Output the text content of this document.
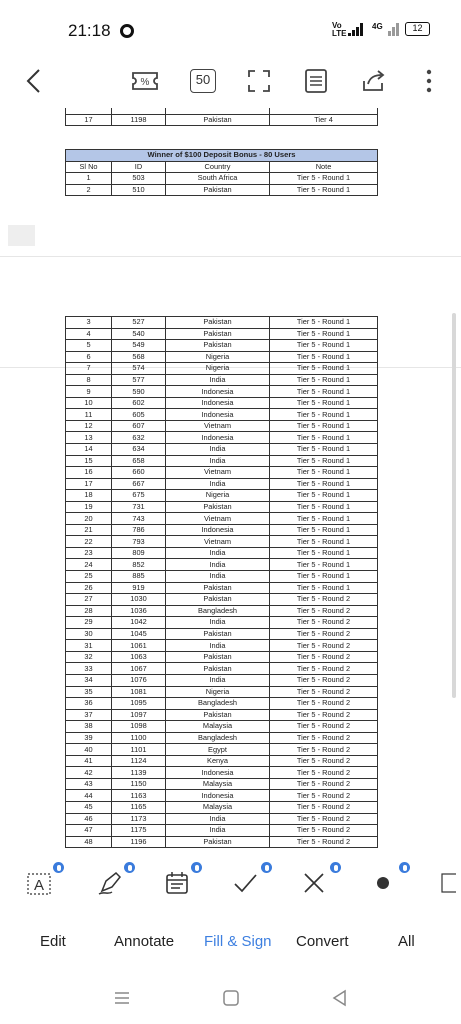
21:18	Vo
LTE
4G	12
%	50

17	1198	Pakistan	Tier 4
Winner of $100 Deposit Bonus - 80 Users			
Sl No	ID	Country	Note
1	503	South Africa	Tier 5 - Round 1
2	510	Pakistan	Tier 5 - Round 1
3	527	Pakistan	Tier 5 - Round 1
4	540	Pakistan	Tier 5 - Round 1
5	549	Pakistan	Tier 5 - Round 1
6	568	Nigeria	Tier 5 - Round 1
7	574	Nigeria	Tier 5 - Round 1
8	577	India	Tier 5 - Round 1
9	590	Indonesia	Tier 5 - Round 1
10	602	Indonesia	Tier 5 - Round 1
11	605	Indonesia	Tier 5 - Round 1
12	607	Vietnam	Tier 5 - Round 1
13	632	Indonesia	Tier 5 - Round 1
14	634	India	Tier 5 - Round 1
15	658	India	Tier 5 - Round 1
16	660	Vietnam	Tier 5 - Round 1
17	667	India	Tier 5 - Round 1
18	675	Nigeria	Tier 5 - Round 1
19	731	Pakistan	Tier 5 - Round 1
20	743	Vietnam	Tier 5 - Round 1
21	786	Indonesia	Tier 5 - Round 1
22	793	Vietnam	Tier 5 - Round 1
23	809	India	Tier 5 - Round 1
24	852	India	Tier 5 - Round 1
25	885	India	Tier 5 - Round 1
26	919	Pakistan	Tier 5 - Round 1
27	1030	Pakistan	Tier 5 - Round 2
28	1036	Bangladesh	Tier 5 - Round 2
29	1042	India	Tier 5 - Round 2
30	1045	Pakistan	Tier 5 - Round 2
31	1061	India	Tier 5 - Round 2
32	1063	Pakistan	Tier 5 - Round 2
33	1067	Pakistan	Tier 5 - Round 2
34	1076	India	Tier 5 - Round 2
35	1081	Nigeria	Tier 5 - Round 2
36	1095	Bangladesh	Tier 5 - Round 2
37	1097	Pakistan	Tier 5 - Round 2
38	1098	Malaysia	Tier 5 - Round 2
39	1100	Bangladesh	Tier 5 - Round 2
40	1101	Egypt	Tier 5 - Round 2
41	1124	Kenya	Tier 5 - Round 2
42	1139	Indonesia	Tier 5 - Round 2
43	1150	Malaysia	Tier 5 - Round 2
44	1163	Indonesia	Tier 5 - Round 2
45	1165	Malaysia	Tier 5 - Round 2
46	1173	India	Tier 5 - Round 2
47	1175	India	Tier 5 - Round 2
48	1196	Pakistan	Tier 5 - Round 2
A
Edit	Annotate Fill & Sign Convert	All
